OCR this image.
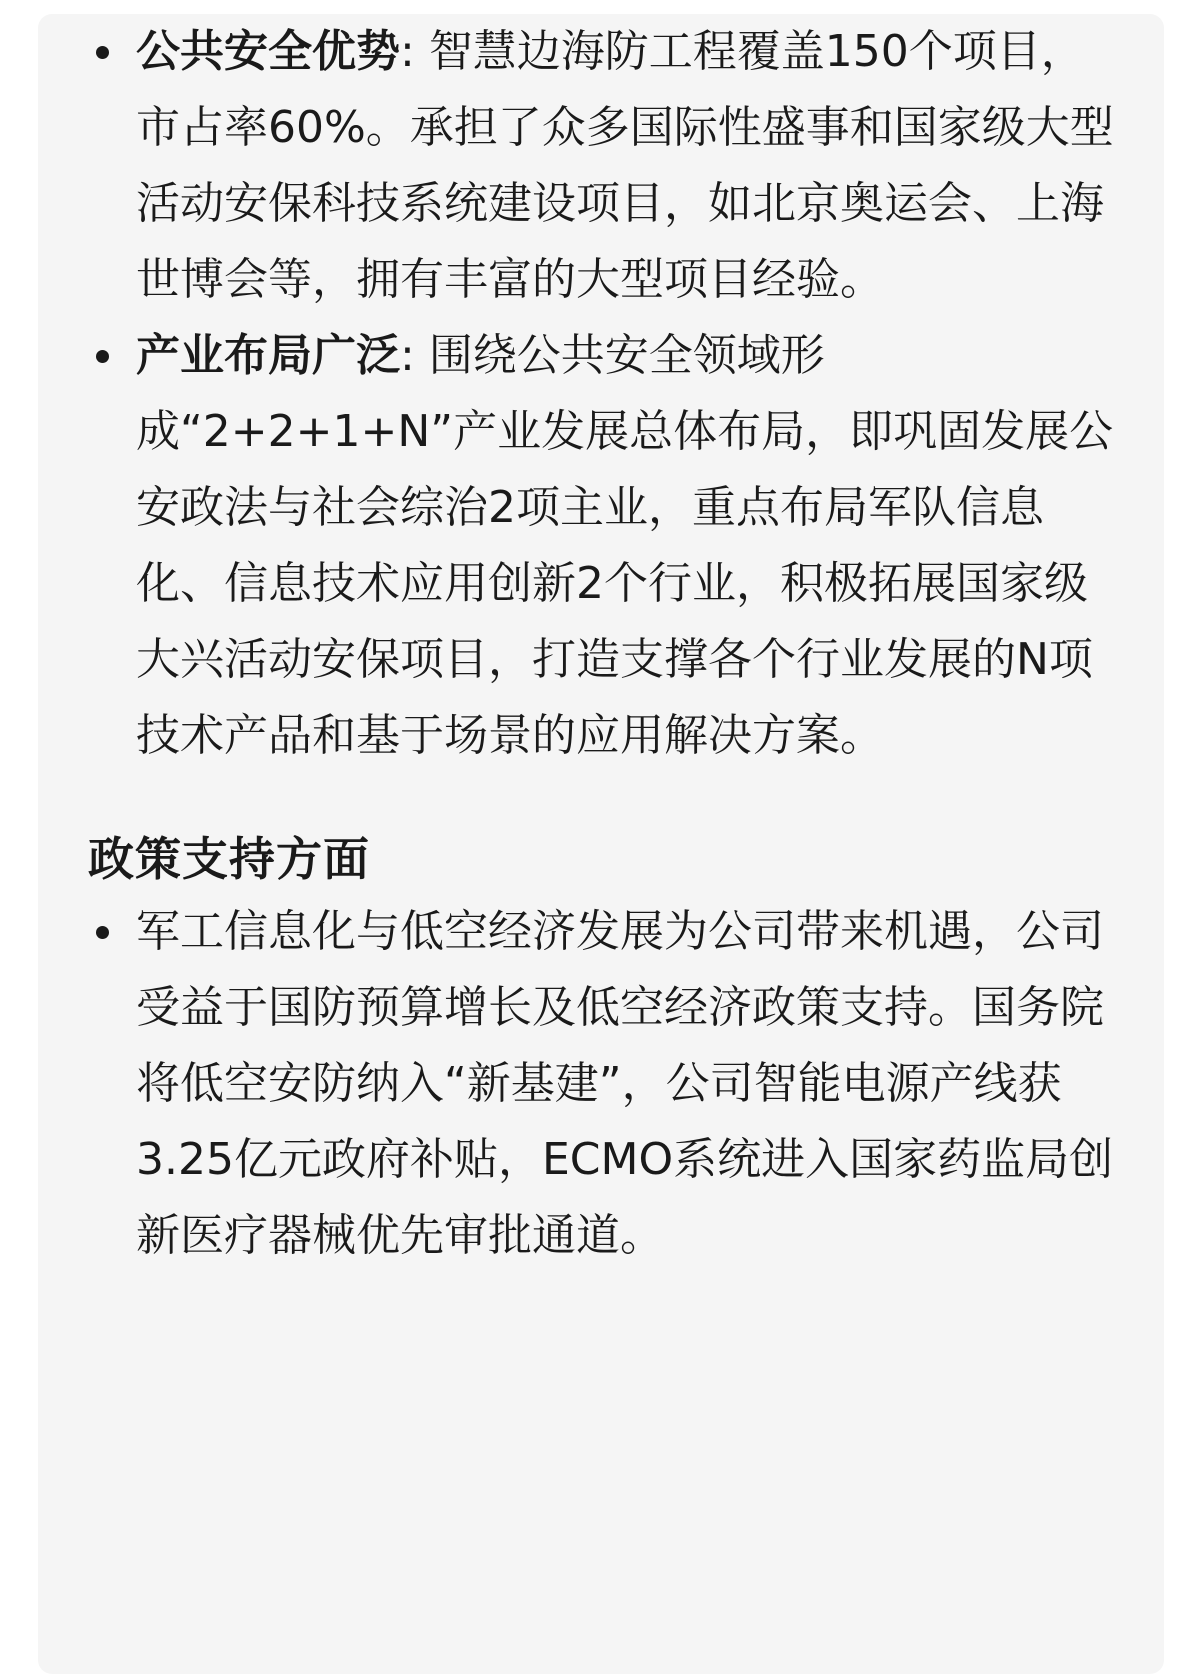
公共安全优势: 智慧边海防工程覆盖150个项目，市占率60%。承担了众多国际性盛事和国家级大型活动安保科技系统建设项目，如北京奥运会、上海世博会等，拥有丰富的大型项目经验。
产业布局广泛: 围绕公共安全领域形成“2+2+1+N”产业发展总体布局，即巩固发展公安政法与社会综治2项主业，重点布局军队信息化、信息技术应用创新2个行业，积极拓展国家级大兴活动安保项目，打造支撑各个行业发展的N项技术产品和基于场景的应用解决方案。
政策支持方面
军工信息化与低空经济发展为公司带来机遇，公司受益于国防预算增长及低空经济政策支持。国务院将低空安防纳入“新基建”，公司智能电源产线获3.25亿元政府补贴，ECMO系统进入国家药监局创新医疗器械优先审批通道。
